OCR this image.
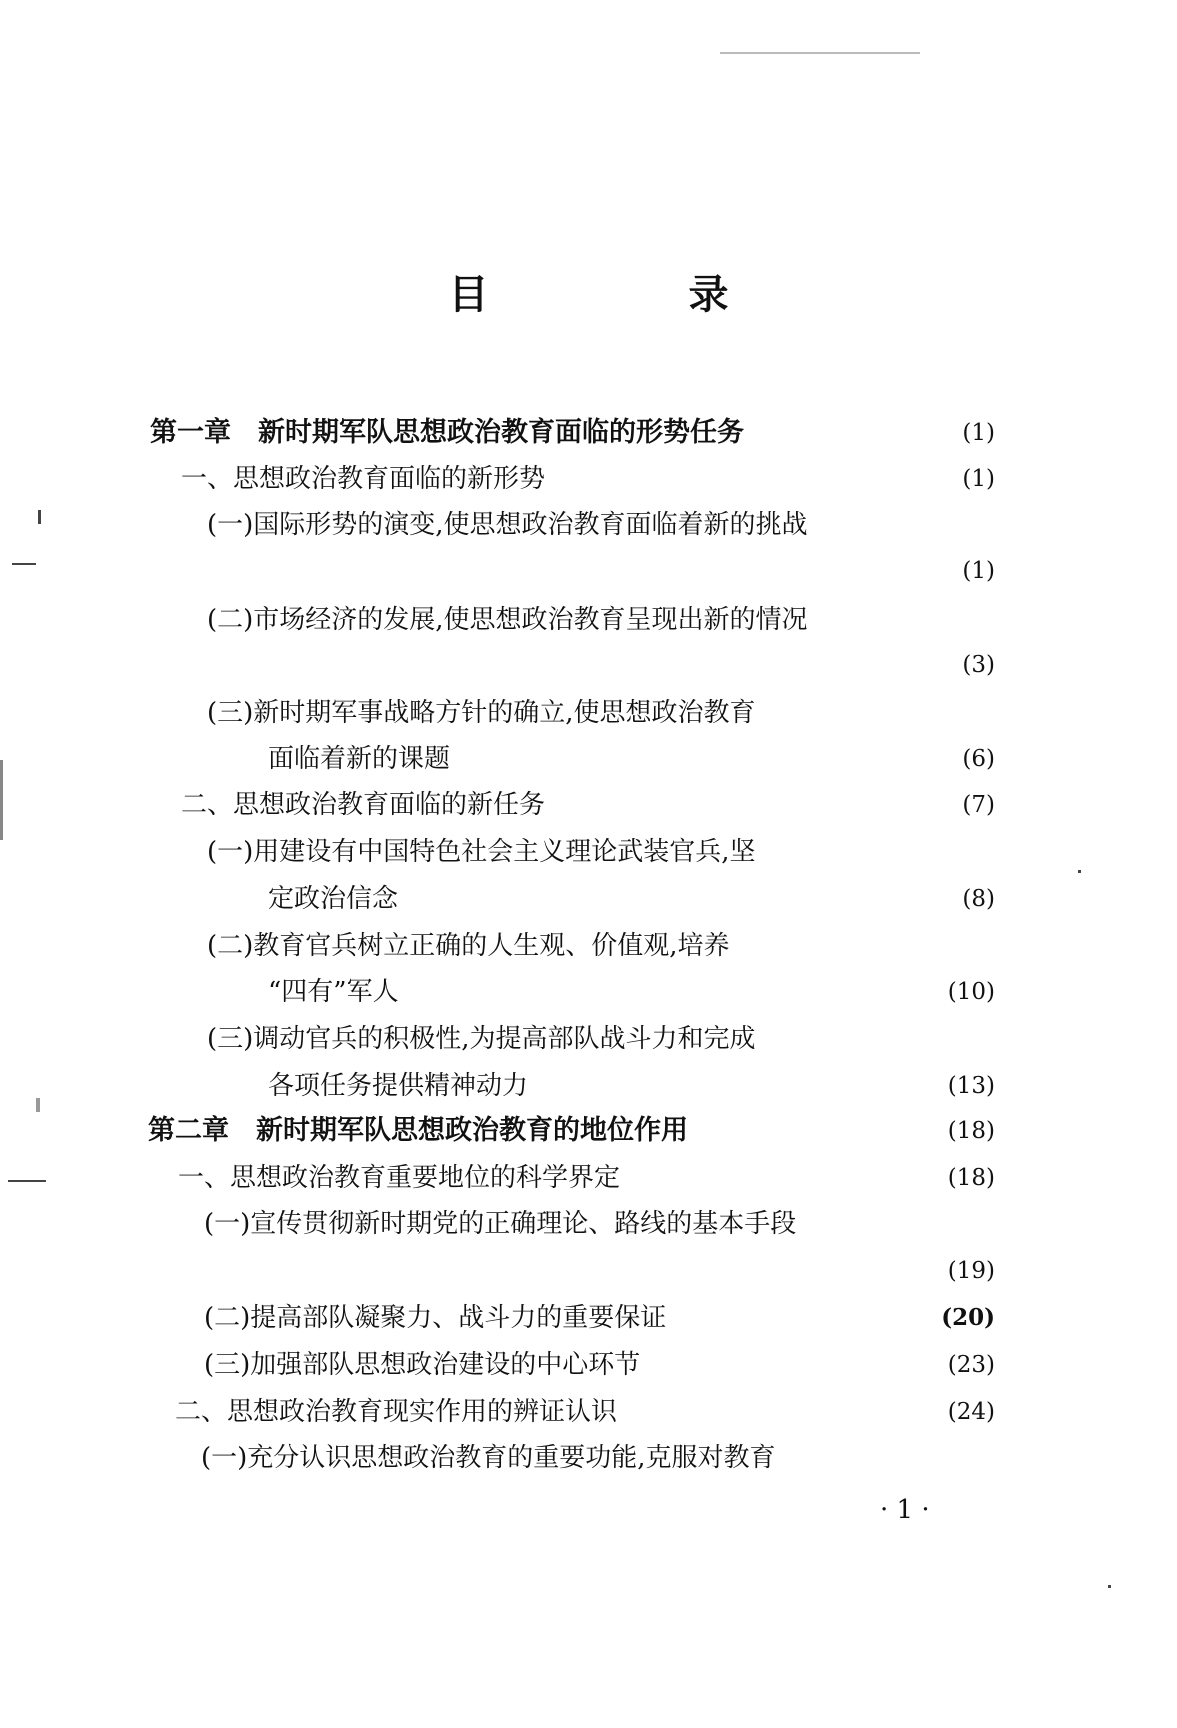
目　录
第一章　新时期军队思想政治教育面临的形势任务	(1)
一、思想政治教育面临的新形势	(1)
(一)国际形势的演变,使思想政治教育面临着新的挑战
(1)
(二)市场经济的发展,使思想政治教育呈现出新的情况
(3)
(三)新时期军事战略方针的确立,使思想政治教育
面临着新的课题	(6)
二、思想政治教育面临的新任务	(7)
(一)用建设有中国特色社会主义理论武装官兵,坚
定政治信念	(8)
(二)教育官兵树立正确的人生观、价值观,培养
“四有”军人	(10)
(三)调动官兵的积极性,为提高部队战斗力和完成
各项任务提供精神动力	(13)
第二章　新时期军队思想政治教育的地位作用	(18)
一、思想政治教育重要地位的科学界定	(18)
(一)宣传贯彻新时期党的正确理论、路线的基本手段
(19)
(二)提高部队凝聚力、战斗力的重要保证	(20)
(三)加强部队思想政治建设的中心环节	(23)
二、思想政治教育现实作用的辨证认识	(24)
(一)充分认识思想政治教育的重要功能,克服对教育
· 1 ·
